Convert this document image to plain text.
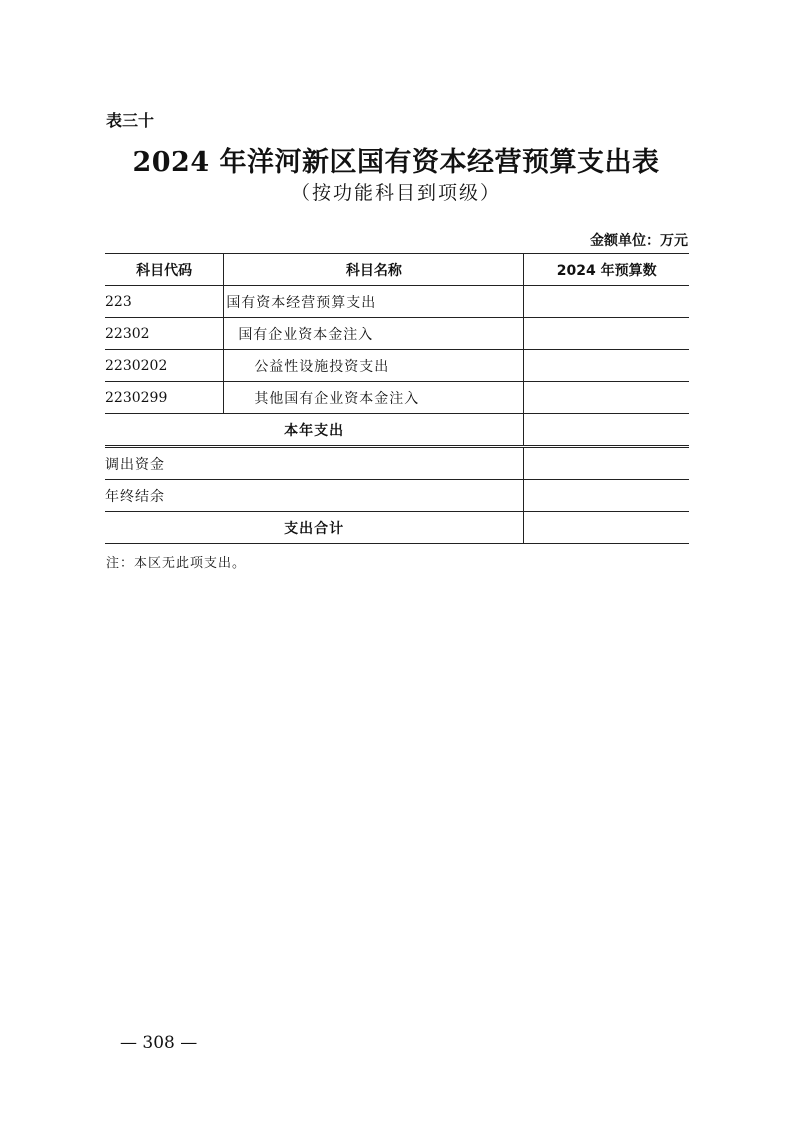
表三十
2024 年洋河新区国有资本经营预算支出表
（按功能科目到项级）
金额单位：万元
科目代码	科目名称	2024 年预算数
223	国有资本经营预算支出	
22302	国有企业资本金注入	
2230202	公益性设施投资支出	
2230299	其他国有企业资本金注入	
本年支出		
调出资金		
年终结余		
支出合计		
注：本区无此项支出。
— 308 —
